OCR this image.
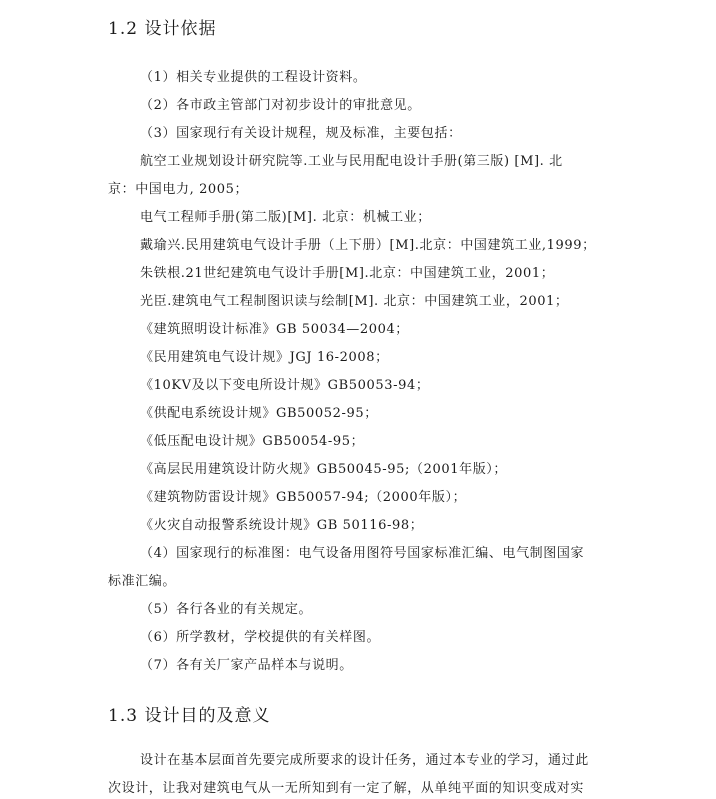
1.2 设计依据
（1）相关专业提供的工程设计资料。
（2）各市政主管部门对初步设计的审批意见。
（3）国家现行有关设计规程，规及标准，主要包括：
航空工业规划设计研究院等.工业与民用配电设计手册(第三版) [M]. 北
京：中国电力, 2005；
电气工程师手册(第二版)[M]. 北京：机械工业；
戴瑜兴.民用建筑电气设计手册（上下册）[M].北京：中国建筑工业,1999；
朱铁根.21世纪建筑电气设计手册[M].北京：中国建筑工业，2001；
光臣.建筑电气工程制图识读与绘制[M]. 北京：中国建筑工业，2001；
《建筑照明设计标准》GB 50034—2004；
《民用建筑电气设计规》JGJ 16-2008；
《10KV及以下变电所设计规》GB50053-94；
《供配电系统设计规》GB50052-95；
《低压配电设计规》GB50054-95；
《高层民用建筑设计防火规》GB50045-95;（2001年版）；
《建筑物防雷设计规》GB50057-94;（2000年版）；
《火灾自动报警系统设计规》GB 50116-98；
（4）国家现行的标准图：电气设备用图符号国家标准汇编、电气制图国家
标准汇编。
（5）各行各业的有关规定。
（6）所学教材，学校提供的有关样图。
（7）各有关厂家产品样本与说明。
1.3 设计目的及意义
设计在基本层面首先要完成所要求的设计任务，通过本专业的学习，通过此
次设计，让我对建筑电气从一无所知到有一定了解，从单纯平面的知识变成对实
